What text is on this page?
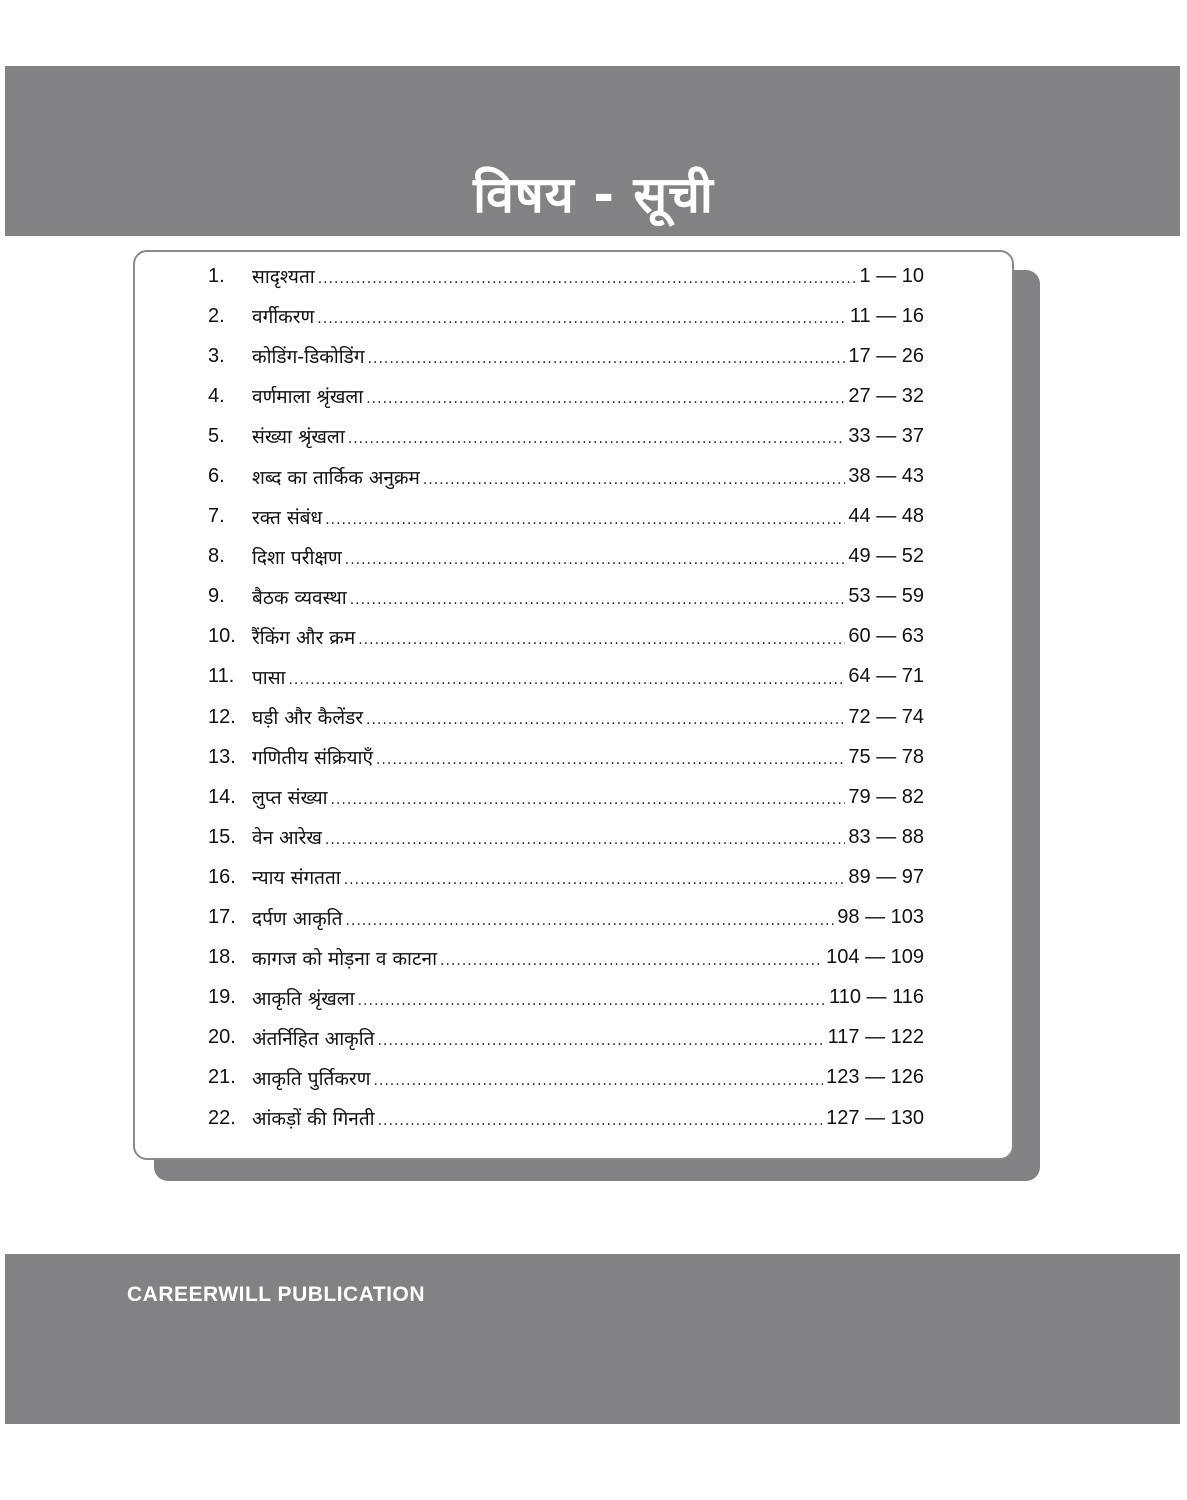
विषय - सूची
1.	सादृश्यता .....	1 — 10
2.	वर्गीकरण .....	11 — 16
3.	कोडिंग-डिकोडिंग .....	17 — 26
4.	वर्णमाला श्रृंखला .....	27 — 32
5.	संख्या श्रृंखला .....	33 — 37
6.	शब्द का तार्किक अनुक्रम .....	38 — 43
7.	रक्त संबंध .....	44 — 48
8.	दिशा परीक्षण .....	49 — 52
9.	बैठक व्यवस्था .....	53 — 59
10. रैंकिंग और क्रम .....	60 — 63
11. पासा .....	64 — 71
12. घड़ी और कैलेंडर .....	72 — 74
13. गणितीय संक्रियाएँ .....	75 — 78
14. लुप्त संख्या .....	79 — 82
15. वेन आरेख .....	83 — 88
16. न्याय संगतता .....	89 — 97
17. दर्पण आकृति .....	98 — 103
18. कागज को मोड़ना व काटना .....	104 — 109
19. आकृति श्रृंखला .....	110 — 116
20. अंतर्निहित आकृति .....	117 — 122
21. आकृति पुर्तिकरण .....	123 — 126
22. आंकड़ों की गिनती .....	127 — 130
CAREERWILL PUBLICATION
